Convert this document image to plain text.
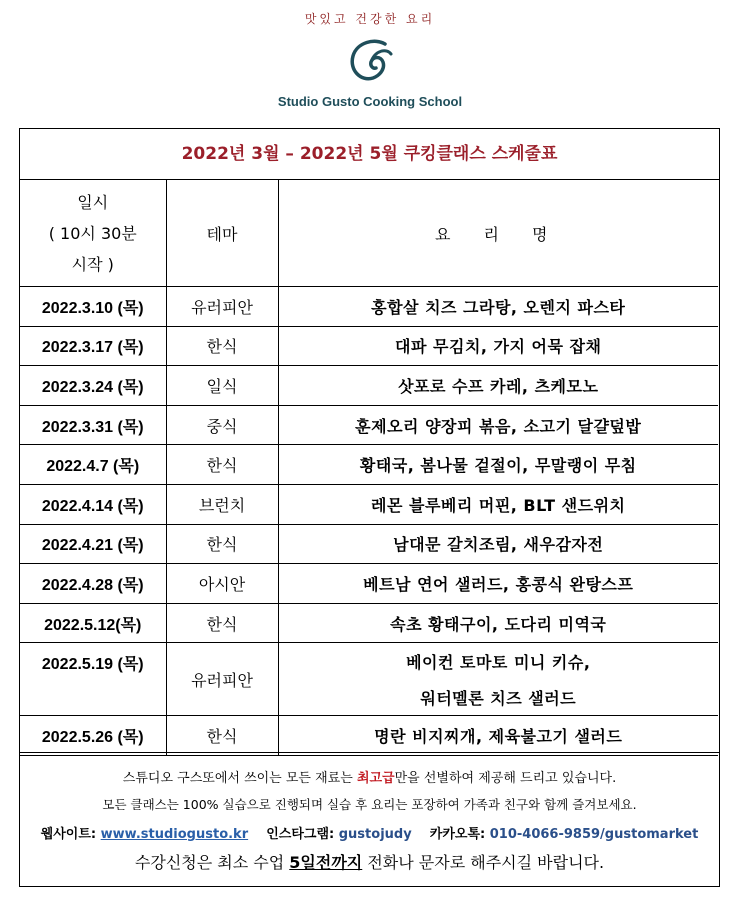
맛있고 건강한 요리
Studio Gusto Cooking School
2022년 3월 – 2022년 5월 쿠킹클래스 스케줄표
일시
( 10시 30분
시작 )	테마	요 리 명
2022.3.10 (목)	유러피안	홍합살 치즈 그라탕, 오렌지 파스타
2022.3.17 (목)	한식	대파 무김치, 가지 어묵 잡채
2022.3.24 (목)	일식	삿포로 수프 카레, 츠케모노
2022.3.31 (목)	중식	훈제오리 양장피 볶음, 소고기 달걀덮밥
2022.4.7 (목)	한식	황태국, 봄나물 겉절이, 무말랭이 무침
2022.4.14 (목)	브런치	레몬 블루베리 머핀, BLT 샌드위치
2022.4.21 (목)	한식	남대문 갈치조림, 새우감자전
2022.4.28 (목)	아시안	베트남 연어 샐러드, 홍콩식 완탕스프
2022.5.12(목)	한식	속초 황태구이, 도다리 미역국
2022.5.19 (목)	유러피안	베이컨 토마토 미니 키슈,
		워터멜론 치즈 샐러드
2022.5.26 (목)	한식	명란 비지찌개, 제육불고기 샐러드
스튜디오 구스또에서 쓰이는 모든 재료는 최고급만을 선별하여 제공해 드리고 있습니다.
모든 클래스는 100% 실습으로 진행되며 실습 후 요리는 포장하여 가족과 친구와 함께 즐겨보세요.
웹사이트: www.studiogusto.kr 인스타그램: gustojudy 카카오톡: 010-4066-9859/gustomarket
수강신청은 최소 수업 5일전까지 전화나 문자로 해주시길 바랍니다.
